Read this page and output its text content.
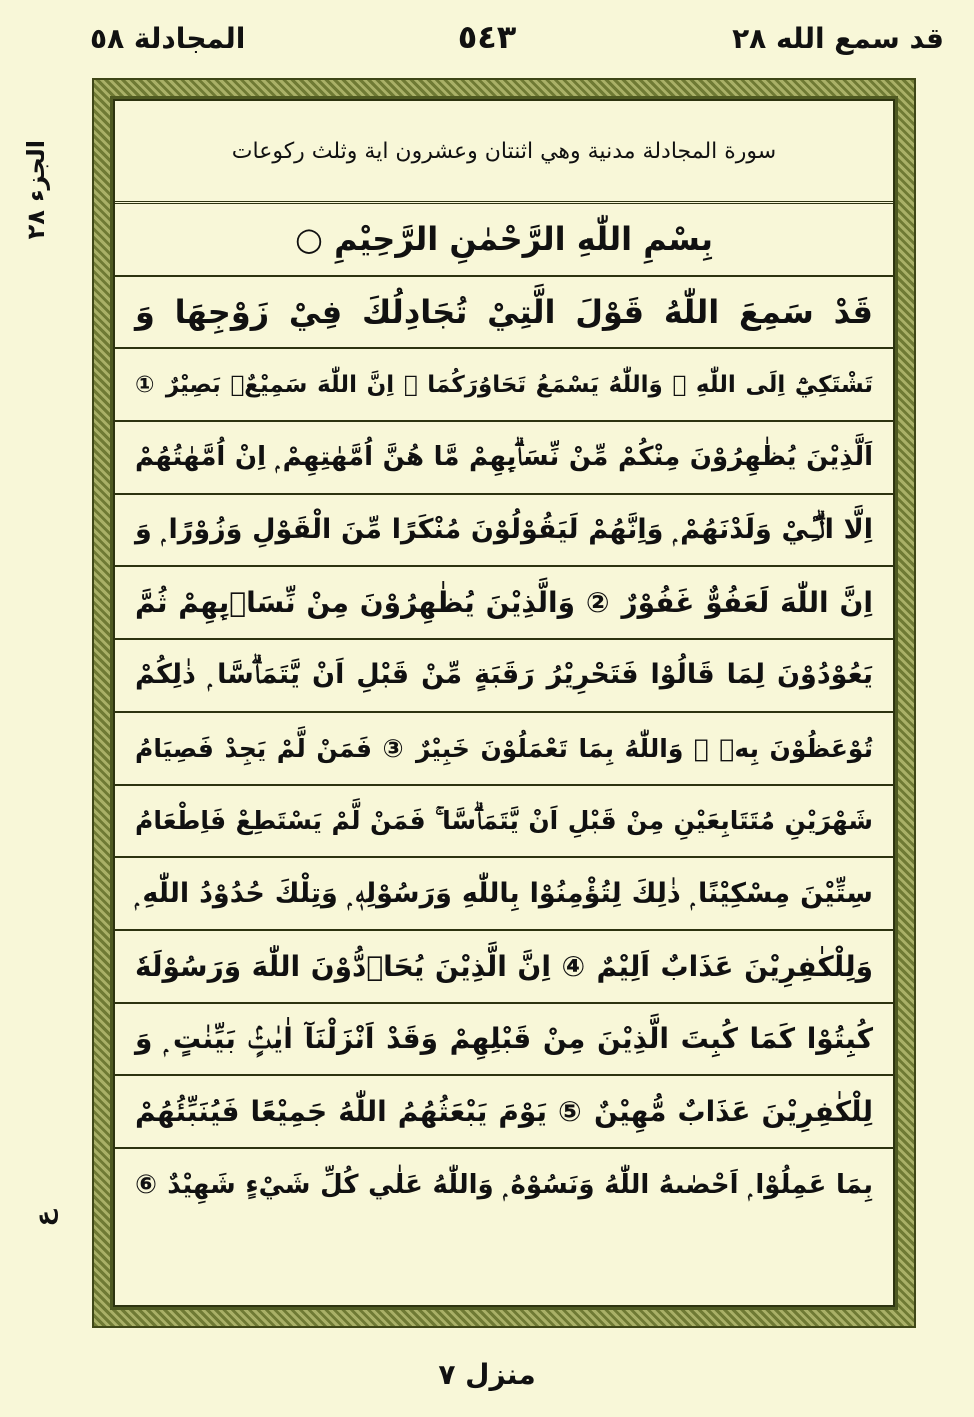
قد سمع الله ٢٨
٥٤٣
المجادلة ٥٨
الجزء ٢٨
ع
سورة المجادلة مدنية وهي اثنتان وعشرون اية وثلث ركوعات
بِسْمِ اللّٰهِ الرَّحْمٰنِ الرَّحِيْمِ ○
قَدْ سَمِعَ اللّٰهُ قَوْلَ الَّتِيْ تُجَادِلُكَ فِيْ زَوْجِهَا وَ
تَشْتَكِيْٓ اِلَى اللّٰهِ ۖ وَاللّٰهُ يَسْمَعُ تَحَاوُرَكُمَا ۭ اِنَّ اللّٰهَ سَمِيْعٌۢ بَصِيْرٌ ①
اَلَّذِيْنَ يُظٰهِرُوْنَ مِنْكُمْ مِّنْ نِّسَاۗىِٕهِمْ مَّا هُنَّ اُمَّهٰتِهِمْ ۭ اِنْ اُمَّهٰتُهُمْ
اِلَّا الّٰۗـِٔيْ وَلَدْنَهُمْ ۭ وَاِنَّهُمْ لَيَقُوْلُوْنَ مُنْكَرًا مِّنَ الْقَوْلِ وَزُوْرًا ۭ وَ
اِنَّ اللّٰهَ لَعَفُوٌّ غَفُوْرٌ ② وَالَّذِيْنَ يُظٰهِرُوْنَ مِنْ نِّسَاۗىِٕهِمْ ثُمَّ
يَعُوْدُوْنَ لِمَا قَالُوْا فَتَحْرِيْرُ رَقَبَةٍ مِّنْ قَبْلِ اَنْ يَّتَمَاۗسَّا ۭ ذٰلِكُمْ
تُوْعَظُوْنَ بِهٖ ۭ وَاللّٰهُ بِمَا تَعْمَلُوْنَ خَبِيْرٌ ③ فَمَنْ لَّمْ يَجِدْ فَصِيَامُ
شَهْرَيْنِ مُتَتَابِعَيْنِ مِنْ قَبْلِ اَنْ يَّتَمَاۗسَّا ۚ فَمَنْ لَّمْ يَسْتَطِعْ فَاِطْعَامُ
سِتِّيْنَ مِسْكِيْنًا ۭ ذٰلِكَ لِتُؤْمِنُوْا بِاللّٰهِ وَرَسُوْلِهٖ ۭ وَتِلْكَ حُدُوْدُ اللّٰهِ ۭ
وَلِلْكٰفِرِيْنَ عَذَابٌ اَلِيْمٌ ④ اِنَّ الَّذِيْنَ يُحَاۗدُّوْنَ اللّٰهَ وَرَسُوْلَهٗ
كُبِتُوْا كَمَا كُبِتَ الَّذِيْنَ مِنْ قَبْلِهِمْ وَقَدْ اَنْزَلْنَآ اٰيٰتٍۢ بَيِّنٰتٍ ۭ وَ
لِلْكٰفِرِيْنَ عَذَابٌ مُّهِيْنٌ ⑤ يَوْمَ يَبْعَثُهُمُ اللّٰهُ جَمِيْعًا فَيُنَبِّئُهُمْ
بِمَا عَمِلُوْا ۭ اَحْصٰىهُ اللّٰهُ وَنَسُوْهُ ۭ وَاللّٰهُ عَلٰي كُلِّ شَيْءٍ شَهِيْدٌ ⑥
منزل ٧
